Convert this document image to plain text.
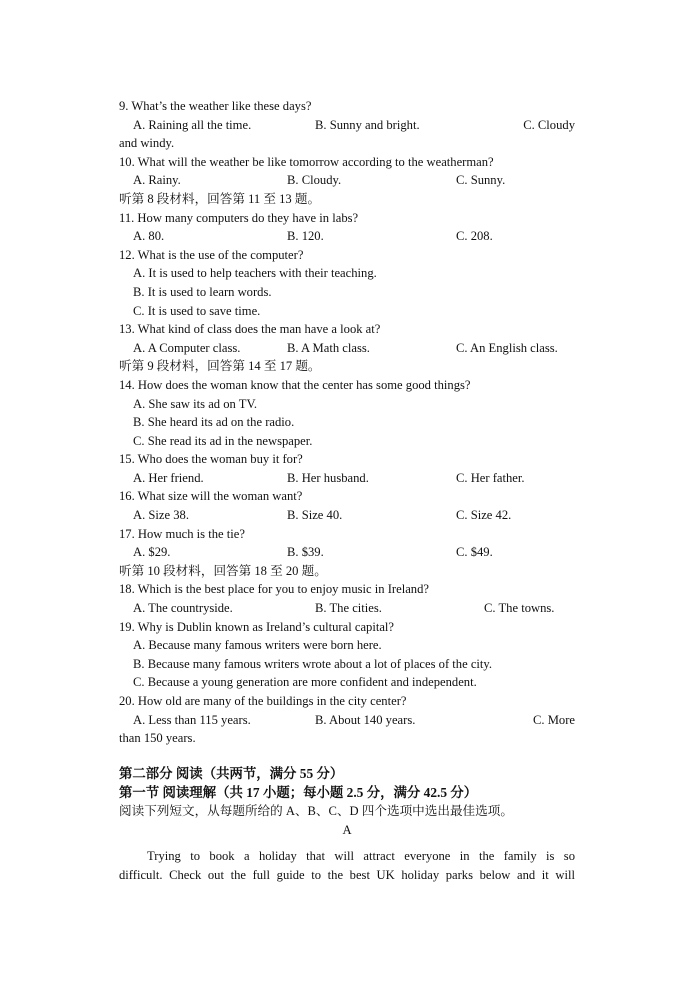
9. What’s the weather like these days?
A. Raining all the time.	B. Sunny and bright.	C. Cloudy
and windy.
10. What will the weather be like tomorrow according to the weatherman?
A. Rainy.	B. Cloudy.	C. Sunny.
听第 8 段材料，回答第 11 至 13 题。
11. How many computers do they have in labs?
A. 80.	B. 120.	C. 208.
12. What is the use of the computer?
A. It is used to help teachers with their teaching.
B. It is used to learn words.
C. It is used to save time.
13. What kind of class does the man have a look at?
A. A Computer class.	B. A Math class.	C. An English class.
听第 9 段材料，回答第 14 至 17 题。
14. How does the woman know that the center has some good things?
A. She saw its ad on TV.
B. She heard its ad on the radio.
C. She read its ad in the newspaper.
15. Who does the woman buy it for?
A. Her friend.	B. Her husband.	C. Her father.
16. What size will the woman want?
A. Size 38.	B. Size 40.	C. Size 42.
17. How much is the tie?
A. $29.	B. $39.	C. $49.
听第 10 段材料，回答第 18 至 20 题。
18. Which is the best place for you to enjoy music in Ireland?
A. The countryside.	B. The cities.	C. The towns.
19. Why is Dublin known as Ireland’s cultural capital?
A. Because many famous writers were born here.
B. Because many famous writers wrote about a lot of places of the city.
C. Because a young generation are more confident and independent.
20. How old are many of the buildings in the city center?
A. Less than 115 years.	B. About 140 years.	C. More
than 150 years.
第二部分 阅读（共两节，满分 55 分）
第一节 阅读理解（共 17 小题；每小题 2.5 分，满分 42.5 分）
阅读下列短文，从每题所给的 A、B、C、D 四个选项中选出最佳选项。
A
Trying to book a holiday that will attract everyone in the family is so
difficult. Check out the full guide to the best UK holiday parks below and it will
